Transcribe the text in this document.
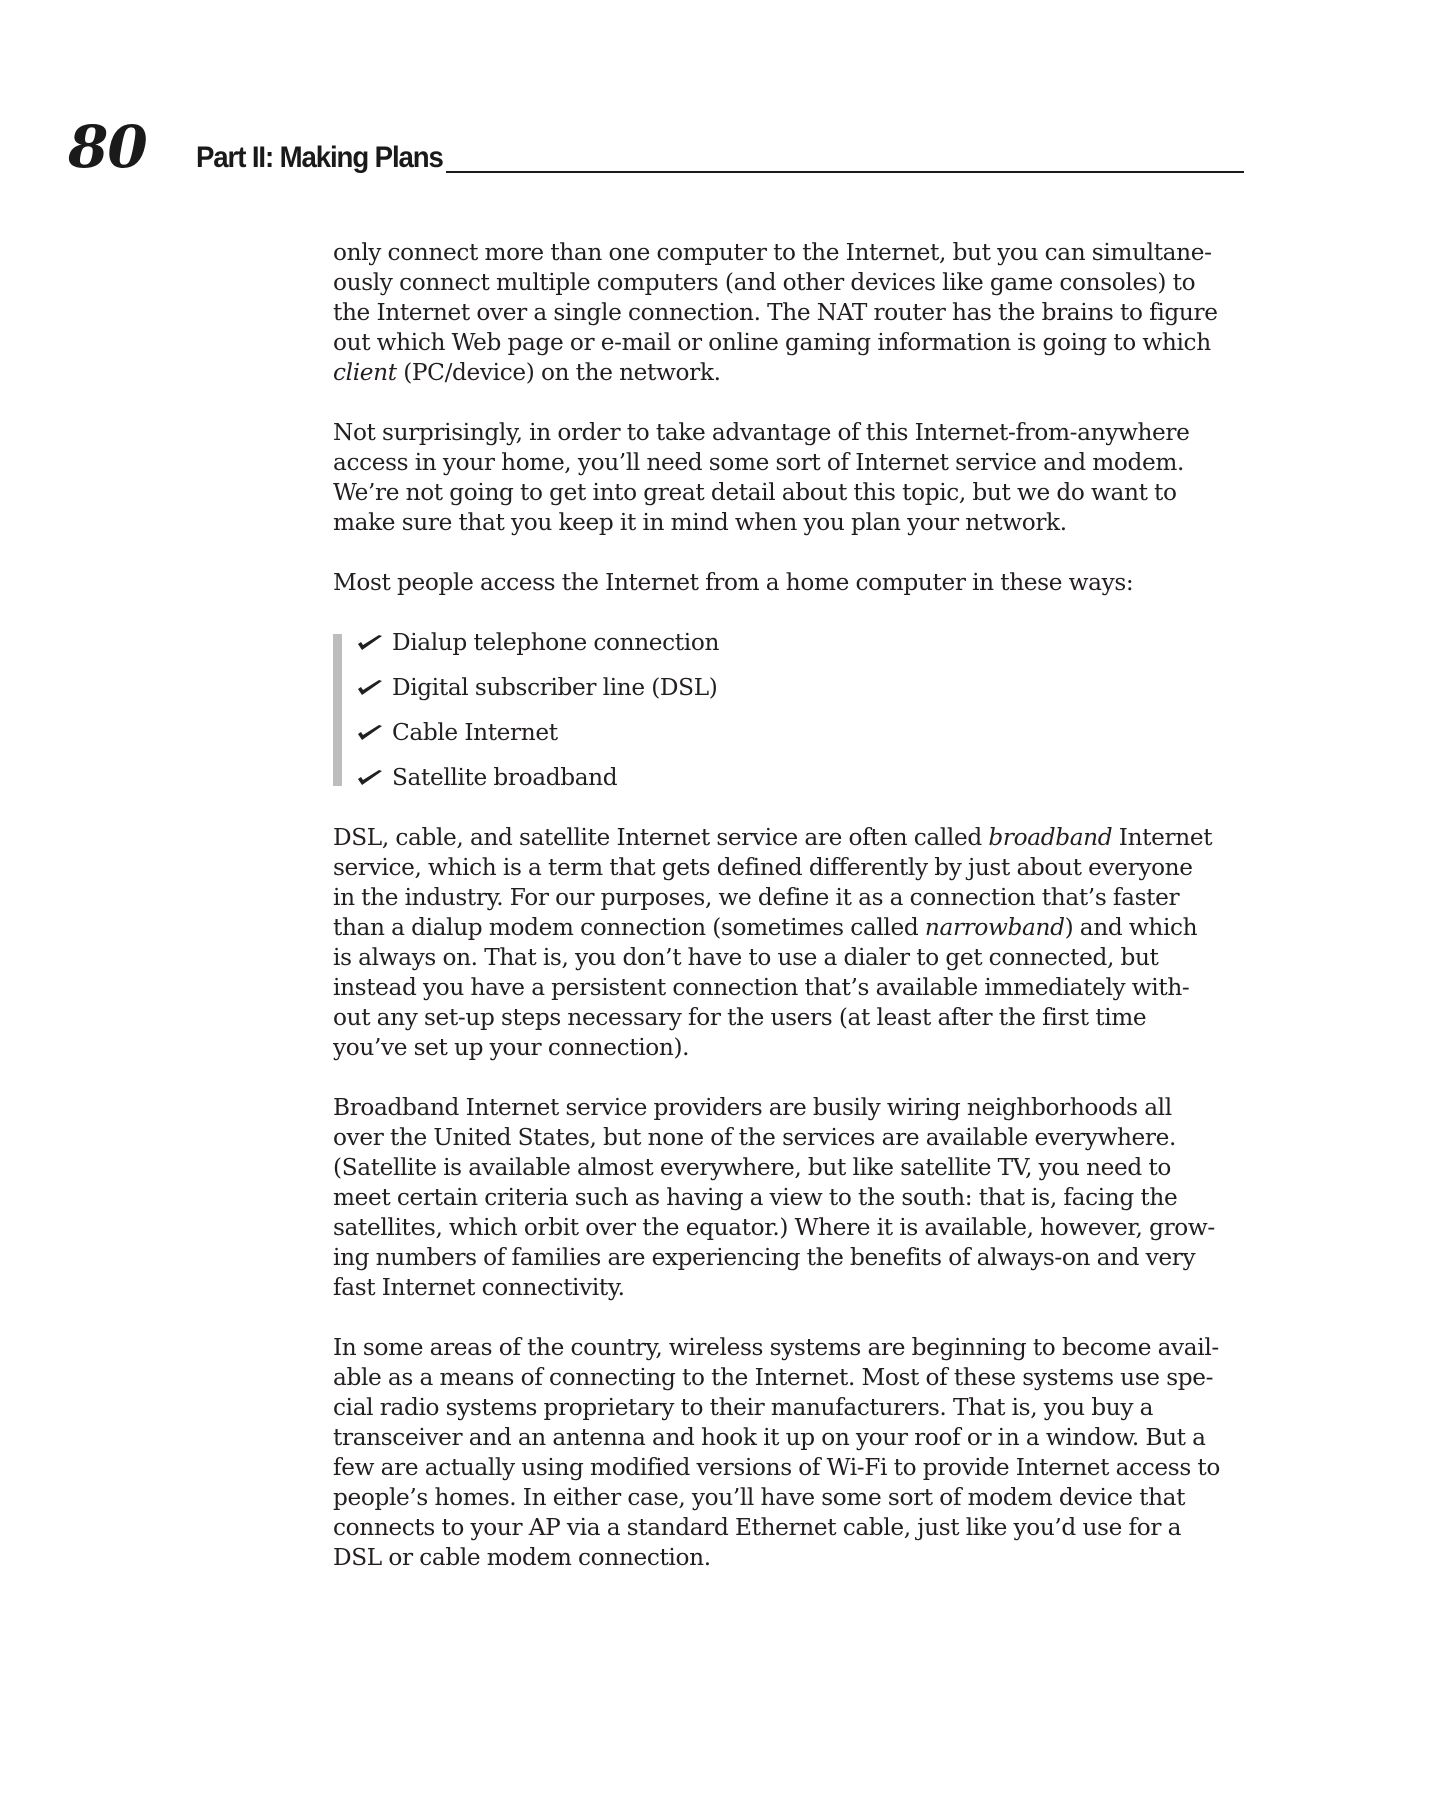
80 Part II: Making Plans

only connect more than one computer to the Internet, but you can simultane-
ously connect multiple computers (and other devices like game consoles) to
the Internet over a single connection. The NAT router has the brains to figure
out which Web page or e-mail or online gaming information is going to which
client (PC/device) on the network.

Not surprisingly, in order to take advantage of this Internet-from-anywhere
access in your home, you’ll need some sort of Internet service and modem.
We’re not going to get into great detail about this topic, but we do want to
make sure that you keep it in mind when you plan your network.

Most people access the Internet from a home computer in these ways:

Dialup telephone connection
Digital subscriber line (DSL)
Cable Internet
Satellite broadband

DSL, cable, and satellite Internet service are often called broadband Internet
service, which is a term that gets defined differently by just about everyone
in the industry. For our purposes, we define it as a connection that’s faster
than a dialup modem connection (sometimes called narrowband) and which
is always on. That is, you don’t have to use a dialer to get connected, but
instead you have a persistent connection that’s available immediately with-
out any set-up steps necessary for the users (at least after the first time
you’ve set up your connection).

Broadband Internet service providers are busily wiring neighborhoods all
over the United States, but none of the services are available everywhere.
(Satellite is available almost everywhere, but like satellite TV, you need to
meet certain criteria such as having a view to the south: that is, facing the
satellites, which orbit over the equator.) Where it is available, however, grow-
ing numbers of families are experiencing the benefits of always-on and very
fast Internet connectivity.

In some areas of the country, wireless systems are beginning to become avail-
able as a means of connecting to the Internet. Most of these systems use spe-
cial radio systems proprietary to their manufacturers. That is, you buy a
transceiver and an antenna and hook it up on your roof or in a window. But a
few are actually using modified versions of Wi-Fi to provide Internet access to
people’s homes. In either case, you’ll have some sort of modem device that
connects to your AP via a standard Ethernet cable, just like you’d use for a
DSL or cable modem connection.
